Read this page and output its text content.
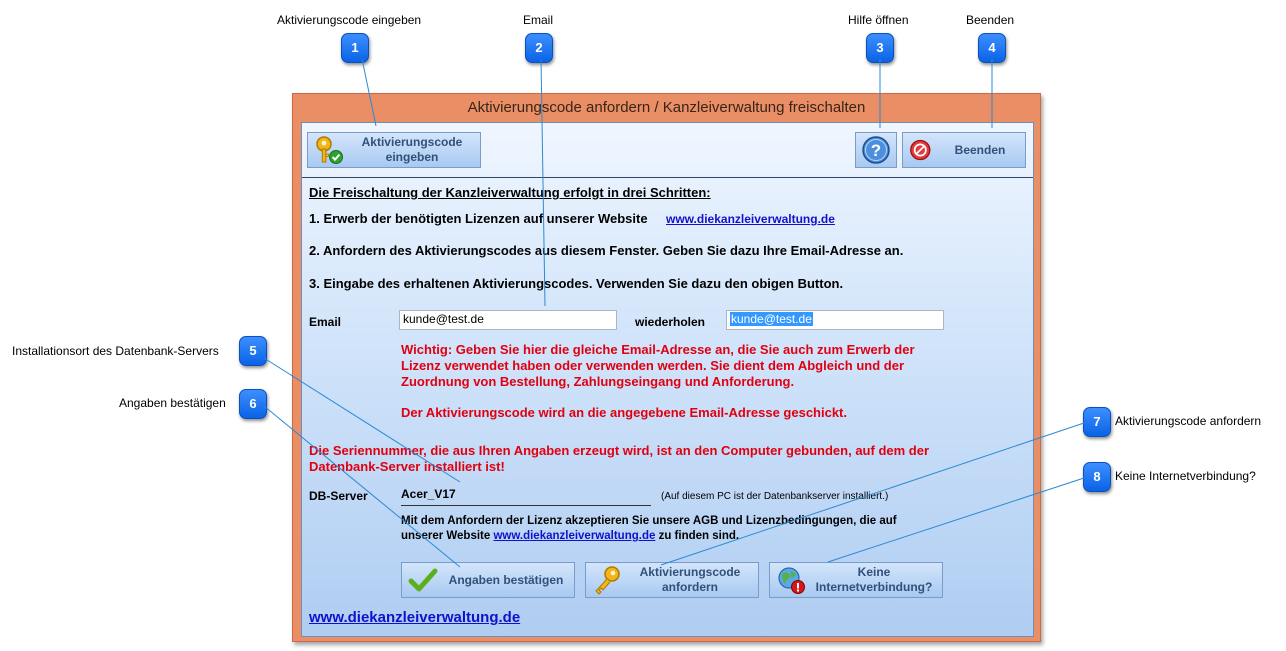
Aktivierungscode eingeben
1
Email
2
Hilfe öffnen
3
Beenden
4
Installationsort des Datenbank-Servers	5
Angaben bestätigen	6
7	Aktivierungscode anfordern
8	Keine Internetverbindung?
Aktivierungscode anfordern / Kanzleiverwaltung freischalten
Aktivierungscode
eingeben	?	Beenden
Die Freischaltung der Kanzleiverwaltung erfolgt in drei Schritten:
1. Erwerb der benötigten Lizenzen auf unserer Website www.diekanzleiverwaltung.de
2. Anfordern des Aktivierungscodes aus diesem Fenster. Geben Sie dazu Ihre Email-Adresse an.
3. Eingabe des erhaltenen Aktivierungscodes. Verwenden Sie dazu den obigen Button.
Email	kunde@test.de	wiederholen	kunde@test.de
Wichtig: Geben Sie hier die gleiche Email-Adresse an, die Sie auch zum Erwerb der
Lizenz verwendet haben oder verwenden werden. Sie dient dem Abgleich und der
Zuordnung von Bestellung, Zahlungseingang und Anforderung.
Der Aktivierungscode wird an die angegebene Email-Adresse geschickt.
Die Seriennummer, die aus Ihren Angaben erzeugt wird, ist an den Computer gebunden, auf dem der
Datenbank-Server installiert ist!
DB-Server	Acer_V17	(Auf diesem PC ist der Datenbankserver installiert.)
Mit dem Anfordern der Lizenz akzeptieren Sie unsere AGB und Lizenzbedingungen, die auf
unserer Website www.diekanzleiverwaltung.de zu finden sind.
Angaben bestätigen
Aktivierungscode
anfordern
Keine
Internetverbindung?
www.diekanzleiverwaltung.de
